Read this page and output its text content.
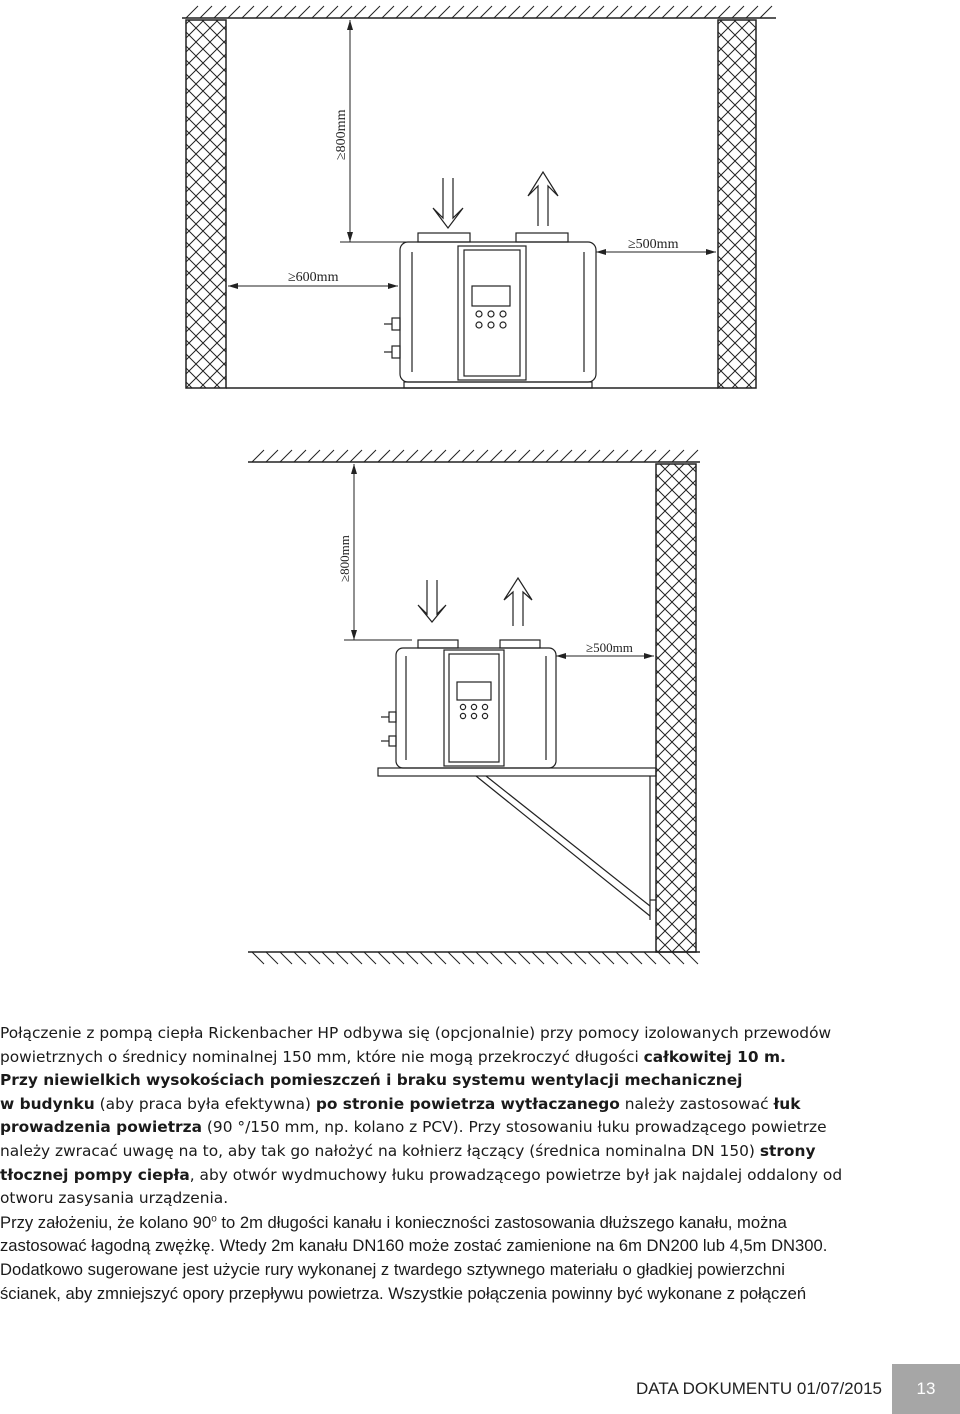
≥800mm
≥600mm
≥500mm
≥800mm
≥500mm

Połączenie z pompą ciepła Rickenbacher HP odbywa się (opcjonalnie) przy pomocy izolowanych przewodów
powietrznych o średnicy nominalnej 150 mm, które nie mogą przekroczyć długości całkowitej 10 m.
Przy niewielkich wysokościach pomieszczeń i braku systemu wentylacji mechanicznej
w budynku (aby praca była efektywna) po stronie powietrza wytłaczanego należy zastosować łuk
prowadzenia powietrza (90 °/150 mm, np. kolano z PCV). Przy stosowaniu łuku prowadzącego powietrze
należy zwracać uwagę na to, aby tak go nałożyć na kołnierz łączący (średnica nominalna DN 150) strony
tłocznej pompy ciepła, aby otwór wydmuchowy łuku prowadzącego powietrze był jak najdalej oddalony od
otworu zasysania urządzenia.

Przy założeniu, że kolano 90$^o$ to 2m długości kanału i konieczności zastosowania dłuższego kanału, można
zastosować łagodną zwężkę. Wtedy 2m kanału DN160 może zostać zamienione na 6m DN200 lub 4,5m DN300.

Dodatkowo sugerowane jest użycie rury wykonanej z twardego sztywnego materiału o gładkiej powierzchni
ścianek, aby zmniejszyć opory przepływu powietrza. Wszystkie połączenia powinny być wykonane z połączeń

DATA DOKUMENTU 01/07/2015	13
